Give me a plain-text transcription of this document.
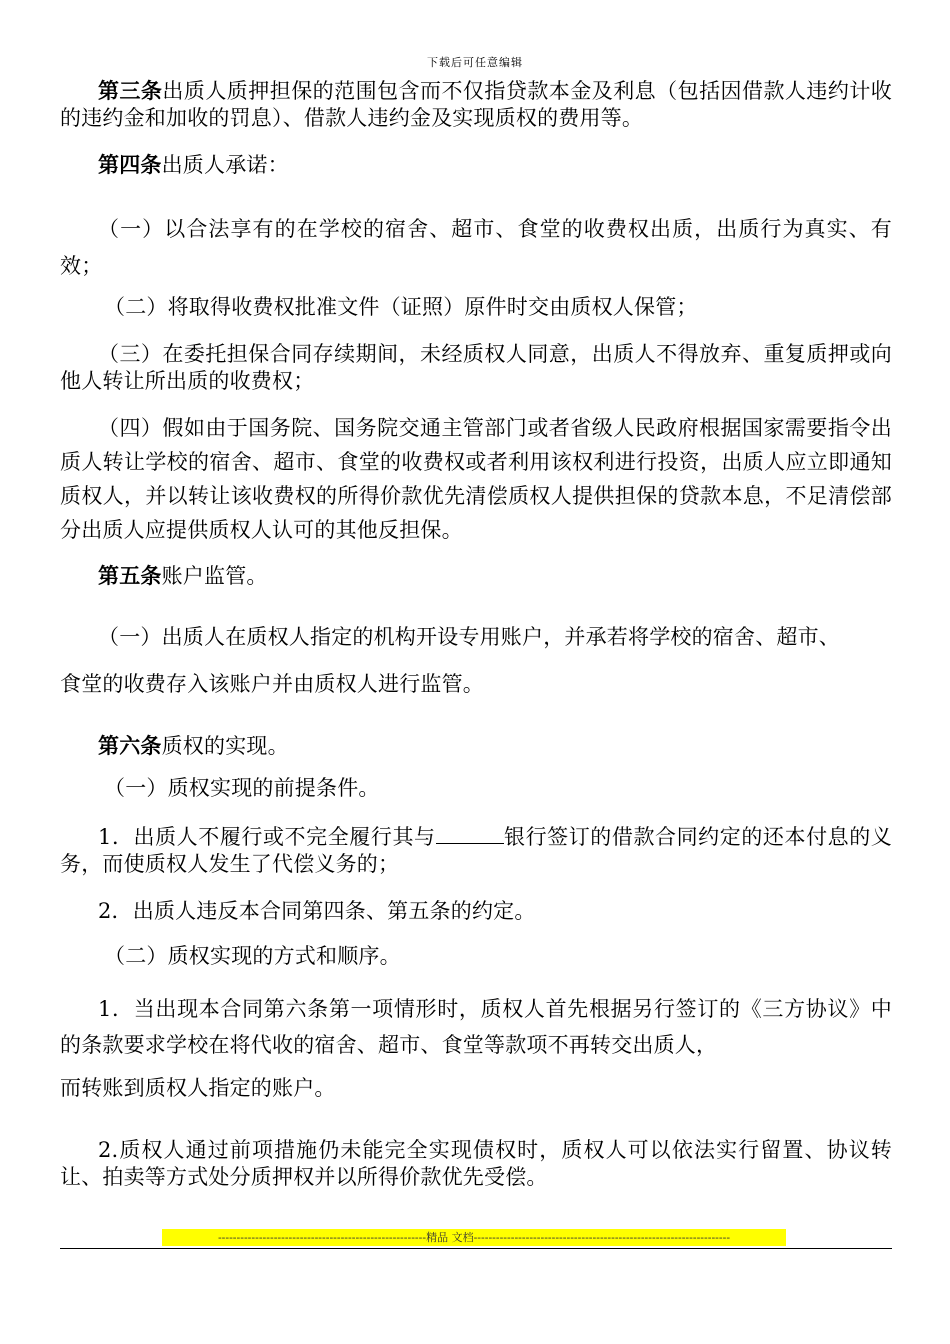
下载后可任意编辑

第三条出质人质押担保的范围包含而不仅指贷款本金及利息（包括因借款人违约计收的违约金和加收的罚息）、借款人违约金及实现质权的费用等。

第四条出质人承诺：

（一）以合法享有的在学校的宿舍、超市、食堂的收费权出质，出质行为真实、有效；

（二）将取得收费权批准文件（证照）原件时交由质权人保管；

（三）在委托担保合同存续期间，未经质权人同意，出质人不得放弃、重复质押或向他人转让所出质的收费权；

（四）假如由于国务院、国务院交通主管部门或者省级人民政府根据国家需要指令出质人转让学校的宿舍、超市、食堂的收费权或者利用该权利进行投资，出质人应立即通知质权人，并以转让该收费权的所得价款优先清偿质权人提供担保的贷款本息，不足清偿部分出质人应提供质权人认可的其他反担保。

第五条账户监管。

（一）出质人在质权人指定的机构开设专用账户，并承若将学校的宿舍、超市、

食堂的收费存入该账户并由质权人进行监管。

第六条质权的实现。

（一）质权实现的前提条件。

1．出质人不履行或不完全履行其与	银行签订的借款合同约定的还本付息的义务，而使质权人发生了代偿义务的；

2．出质人违反本合同第四条、第五条的约定。

（二）质权实现的方式和顺序。

1．当出现本合同第六条第一项情形时，质权人首先根据另行签订的《三方协议》中的条款要求学校在将代收的宿舍、超市、食堂等款项不再转交出质人，

而转账到质权人指定的账户。

2.质权人通过前项措施仍未能完全实现债权时，质权人可以依法实行留置、协议转让、拍卖等方式处分质押权并以所得价款优先受偿。

--------------------------------------------------------精品 文档---------------------------------------------------------------------
